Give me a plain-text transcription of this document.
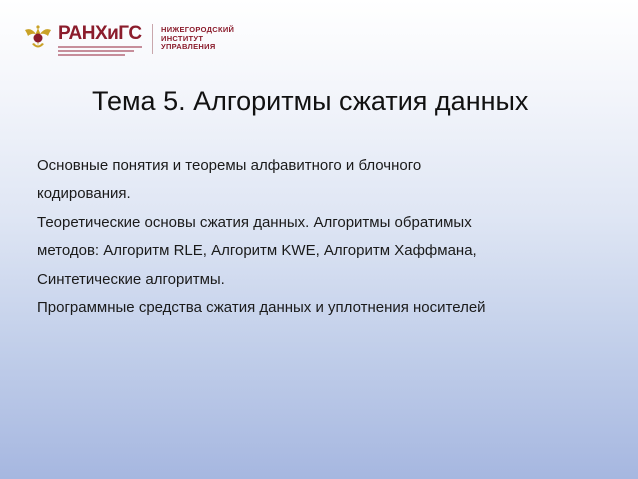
РАНХиГС	НИЖЕГОРОДСКИЙ
ИНСТИТУТ
УПРАВЛЕНИЯ
Тема 5. Алгоритмы сжатия данных
Основные понятия и теоремы алфавитного и блочного
кодирования.
Теоретические основы сжатия данных. Алгоритмы обратимых
методов: Алгоритм RLE, Алгоритм KWE, Алгоритм Хаффмана,
Синтетические алгоритмы.
Программные средства сжатия данных и уплотнения носителей
